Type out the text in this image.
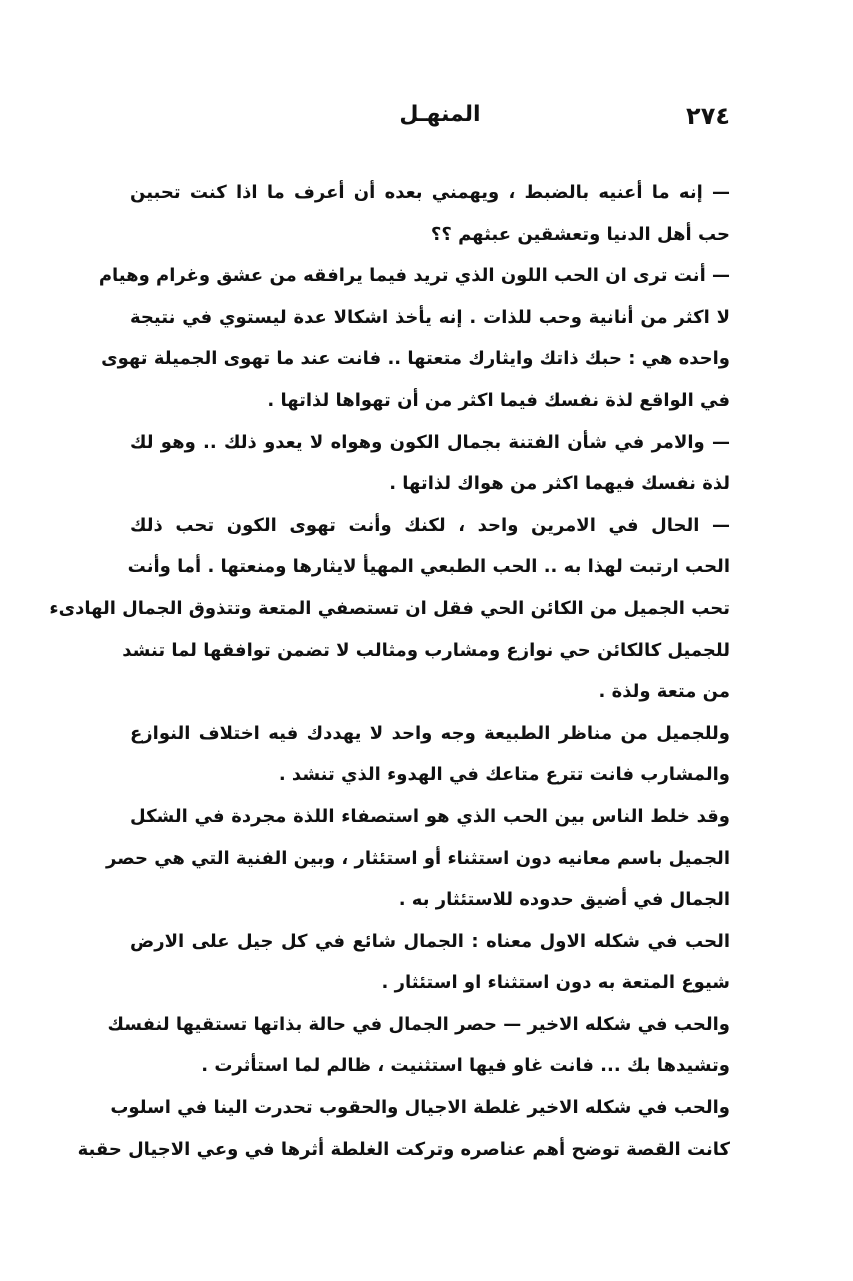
٢٧٤
المنهـل
— إنه ما أعنيه بالضبط ، ويهمني بعده أن أعرف ما اذا كنت تحبين
حب أهل الدنيا وتعشقين عبثهم ؟؟
— أنت ترى ان الحب اللون الذي تريد فيما يرافقه من عشق وغرام وهيام
لا اكثر من أنانية وحب للذات . إنه يأخذ اشكالا عدة ليستوي في نتيجة
واحده هي : حبك ذاتك وايثارك متعتها .. فانت عند ما تهوى الجميلة تهوى
في الواقع لذة نفسك فيما اكثر من أن تهواها لذاتها .
— والامر في شأن الفتنة بجمال الكون وهواه لا يعدو ذلك .. وهو لك
لذة نفسك فيهما اكثر من هواك لذاتها .
— الحال في الامرين واحد ، لكنك وأنت تهوى الكون تحب ذلك
الحب ارتبت لهذا به .. الحب الطبعي المهيأ لايثارها ومنعتها . أما وأنت
تحب الجميل من الكائن الحي فقل ان تستصفي المتعة وتتذوق الجمال الهادىء
للجميل كالكائن حي نوازع ومشارب ومثالب لا تضمن توافقها لما تنشد
من متعة ولذة .
وللجميل من مناظر الطبيعة وجه واحد لا يهددك فيه اختلاف النوازع
والمشارب فانت تترع متاعك في الهدوء الذي تنشد .
وقد خلط الناس بين الحب الذي هو استصفاء اللذة مجردة في الشكل
الجميل باسم معانيه دون استثناء أو استئثار ، وبين الفنية التي هي حصر
الجمال في أضيق حدوده للاستئثار به .
الحب في شكله الاول معناه : الجمال شائع في كل جيل على الارض
شيوع المتعة به دون استثناء او استئثار .
والحب في شكله الاخير — حصر الجمال في حالة بذاتها تستقيها لنفسك
وتشيدها بك ... فانت غاو فيها استثنيت ، ظالم لما استأثرت .
والحب في شكله الاخير غلطة الاجيال والحقوب تحدرت الينا في اسلوب
كانت القصة توضح أهم عناصره وتركت الغلطة أثرها في وعي الاجيال حقبة
